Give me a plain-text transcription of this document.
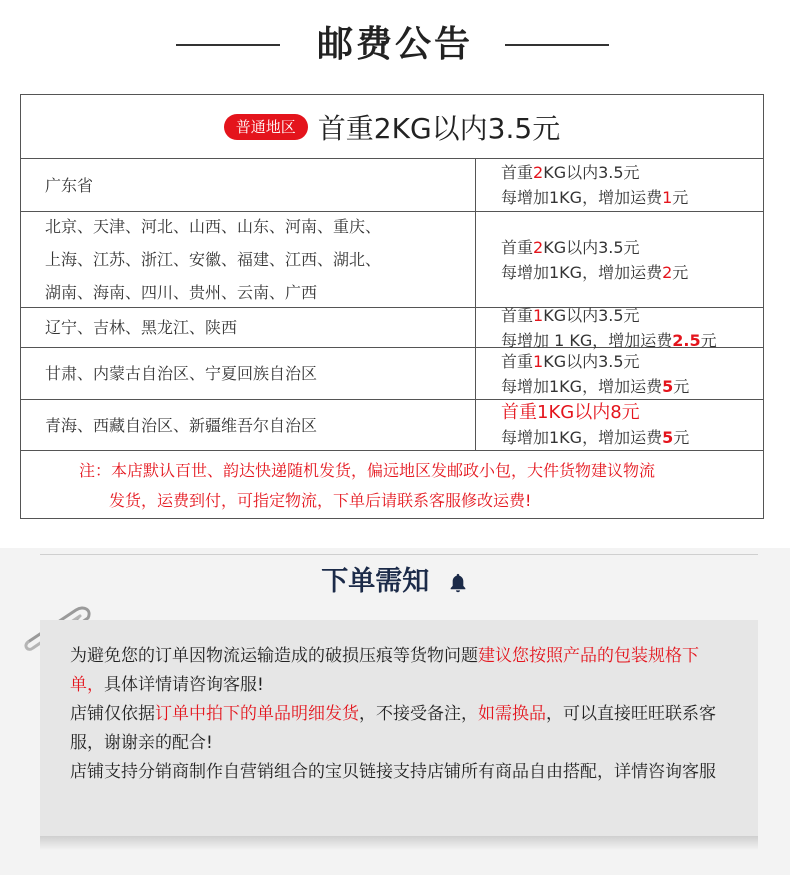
邮费公告
普通地区 首重2KG以内3.5元
广东省
首重2KG以内3.5元
每增加1KG，增加运费1元
北京、天津、河北、山西、山东、河南、重庆、
上海、江苏、浙江、安徽、福建、江西、湖北、
湖南、海南、四川、贵州、云南、广西
首重2KG以内3.5元
每增加1KG，增加运费2元
辽宁、吉林、黑龙江、陕西
首重1KG以内3.5元
每增加 1 KG，增加运费2.5元
甘肃、内蒙古自治区、宁夏回族自治区
首重1KG以内3.5元
每增加1KG，增加运费5元
青海、西藏自治区、新疆维吾尔自治区
首重1KG以内8元
每增加1KG，增加运费5元
注：本店默认百世、韵达快递随机发货，偏远地区发邮政小包，大件货物建议物流
发货，运费到付，可指定物流，下单后请联系客服修改运费!
下单需知

为避免您的订单因物流运输造成的破损压痕等货物问题建议您按照产品的包装规格下单，具体详情请咨询客服!

店铺仅依据订单中拍下的单品明细发货，不接受备注，如需换品，可以直接旺旺联系客服，谢谢亲的配合!

店铺支持分销商制作自营销组合的宝贝链接支持店铺所有商品自由搭配，详情咨询客服
